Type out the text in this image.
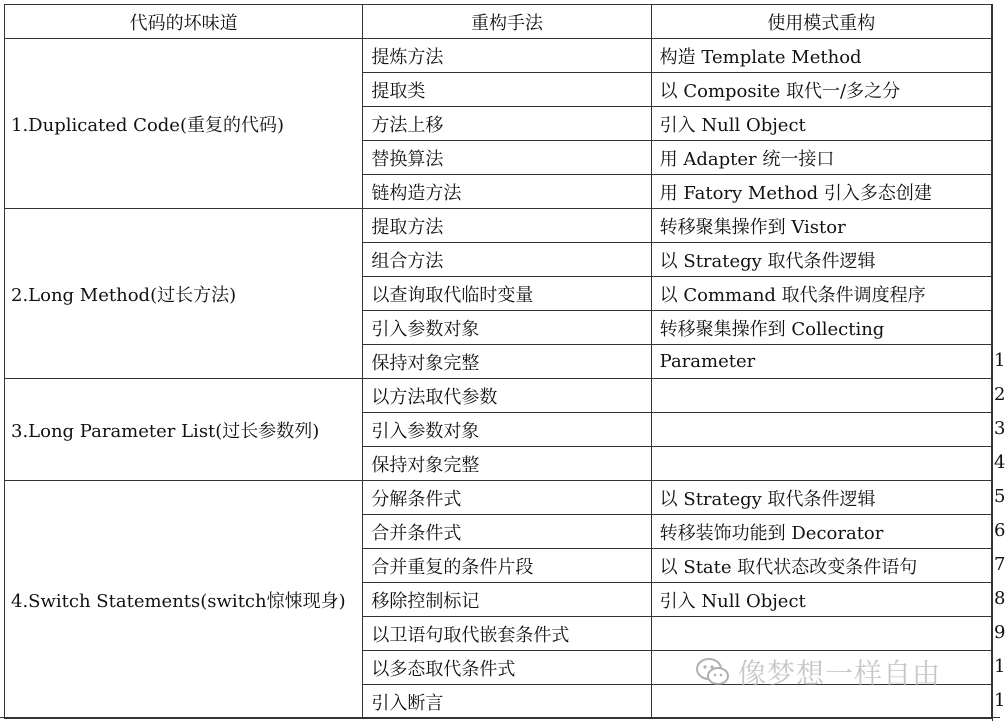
代码的坏味道	重构手法	使用模式重构
1.Duplicated Code(重复的代码)	提炼方法	构造 Template Method
	提取类	以 Composite 取代一/多之分
	方法上移	引入 Null Object
	替换算法	用 Adapter 统一接口
	链构造方法	用 Fatory Method 引入多态创建
2.Long Method(过长方法)	提取方法	转移聚集操作到 Vistor
	组合方法	以 Strategy 取代条件逻辑
	以查询取代临时变量	以 Command 取代条件调度程序
	引入参数对象	转移聚集操作到 Collecting
	保持对象完整	Parameter
3.Long Parameter List(过长参数列)	以方法取代参数	
	引入参数对象	
	保持对象完整	
4.Switch Statements(switch惊悚现身)	分解条件式	以 Strategy 取代条件逻辑
	合并条件式	转移装饰功能到 Decorator
	合并重复的条件片段	以 State 取代状态改变条件语句
	移除控制标记	引入 Null Object
	以卫语句取代嵌套条件式	
	以多态取代条件式	
	引入断言	
1
2
3
4
5
6
7
8
9
1
1
像梦想一样自由
